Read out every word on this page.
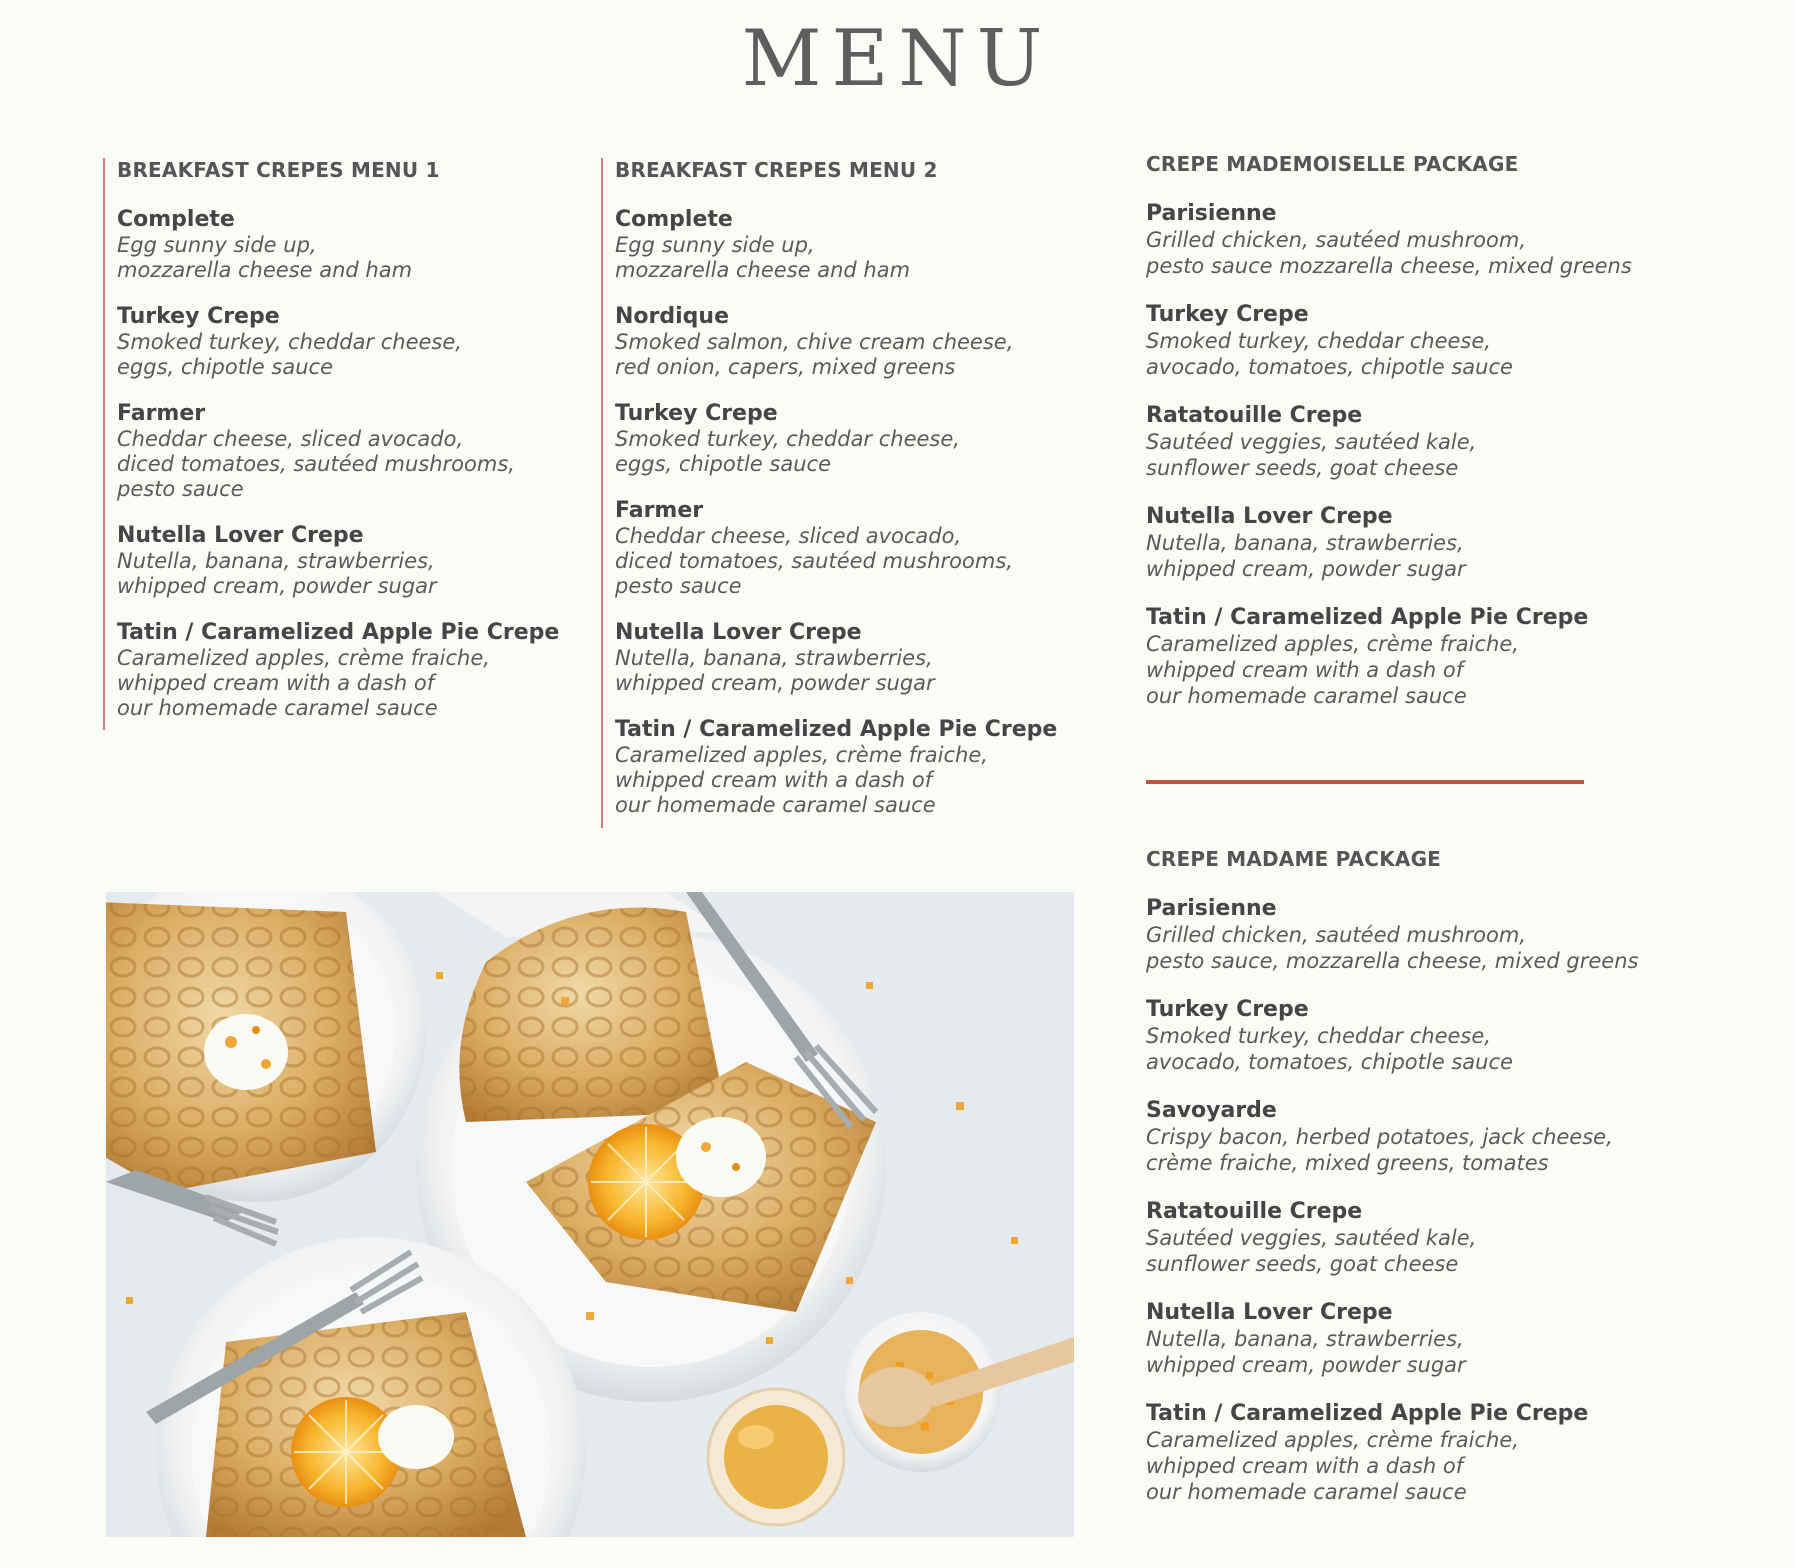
MENU
BREAKFAST CREPES MENU 1
Complete
Egg sunny side up,
mozzarella cheese and ham
Turkey Crepe
Smoked turkey, cheddar cheese,
eggs, chipotle sauce
Farmer
Cheddar cheese, sliced avocado,
diced tomatoes, sautéed mushrooms,
pesto sauce
Nutella Lover Crepe
Nutella, banana, strawberries,
whipped cream, powder sugar
Tatin / Caramelized Apple Pie Crepe
Caramelized apples, crème fraiche,
whipped cream with a dash of
our homemade caramel sauce
BREAKFAST CREPES MENU 2
Complete
Egg sunny side up,
mozzarella cheese and ham
Nordique
Smoked salmon, chive cream cheese,
red onion, capers, mixed greens
Turkey Crepe
Smoked turkey, cheddar cheese,
eggs, chipotle sauce
Farmer
Cheddar cheese, sliced avocado,
diced tomatoes, sautéed mushrooms,
pesto sauce
Nutella Lover Crepe
Nutella, banana, strawberries,
whipped cream, powder sugar
Tatin / Caramelized Apple Pie Crepe
Caramelized apples, crème fraiche,
whipped cream with a dash of
our homemade caramel sauce
CREPE MADEMOISELLE PACKAGE
Parisienne
Grilled chicken, sautéed mushroom,
pesto sauce mozzarella cheese, mixed greens
Turkey Crepe
Smoked turkey, cheddar cheese,
avocado, tomatoes, chipotle sauce
Ratatouille Crepe
Sautéed veggies, sautéed kale,
sunflower seeds, goat cheese
Nutella Lover Crepe
Nutella, banana, strawberries,
whipped cream, powder sugar
Tatin / Caramelized Apple Pie Crepe
Caramelized apples, crème fraiche,
whipped cream with a dash of
our homemade caramel sauce
CREPE MADAME PACKAGE
Parisienne
Grilled chicken, sautéed mushroom,
pesto sauce, mozzarella cheese, mixed greens
Turkey Crepe
Smoked turkey, cheddar cheese,
avocado, tomatoes, chipotle sauce
Savoyarde
Crispy bacon, herbed potatoes, jack cheese,
crème fraiche, mixed greens, tomates
Ratatouille Crepe
Sautéed veggies, sautéed kale,
sunflower seeds, goat cheese
Nutella Lover Crepe
Nutella, banana, strawberries,
whipped cream, powder sugar
Tatin / Caramelized Apple Pie Crepe
Caramelized apples, crème fraiche,
whipped cream with a dash of
our homemade caramel sauce
